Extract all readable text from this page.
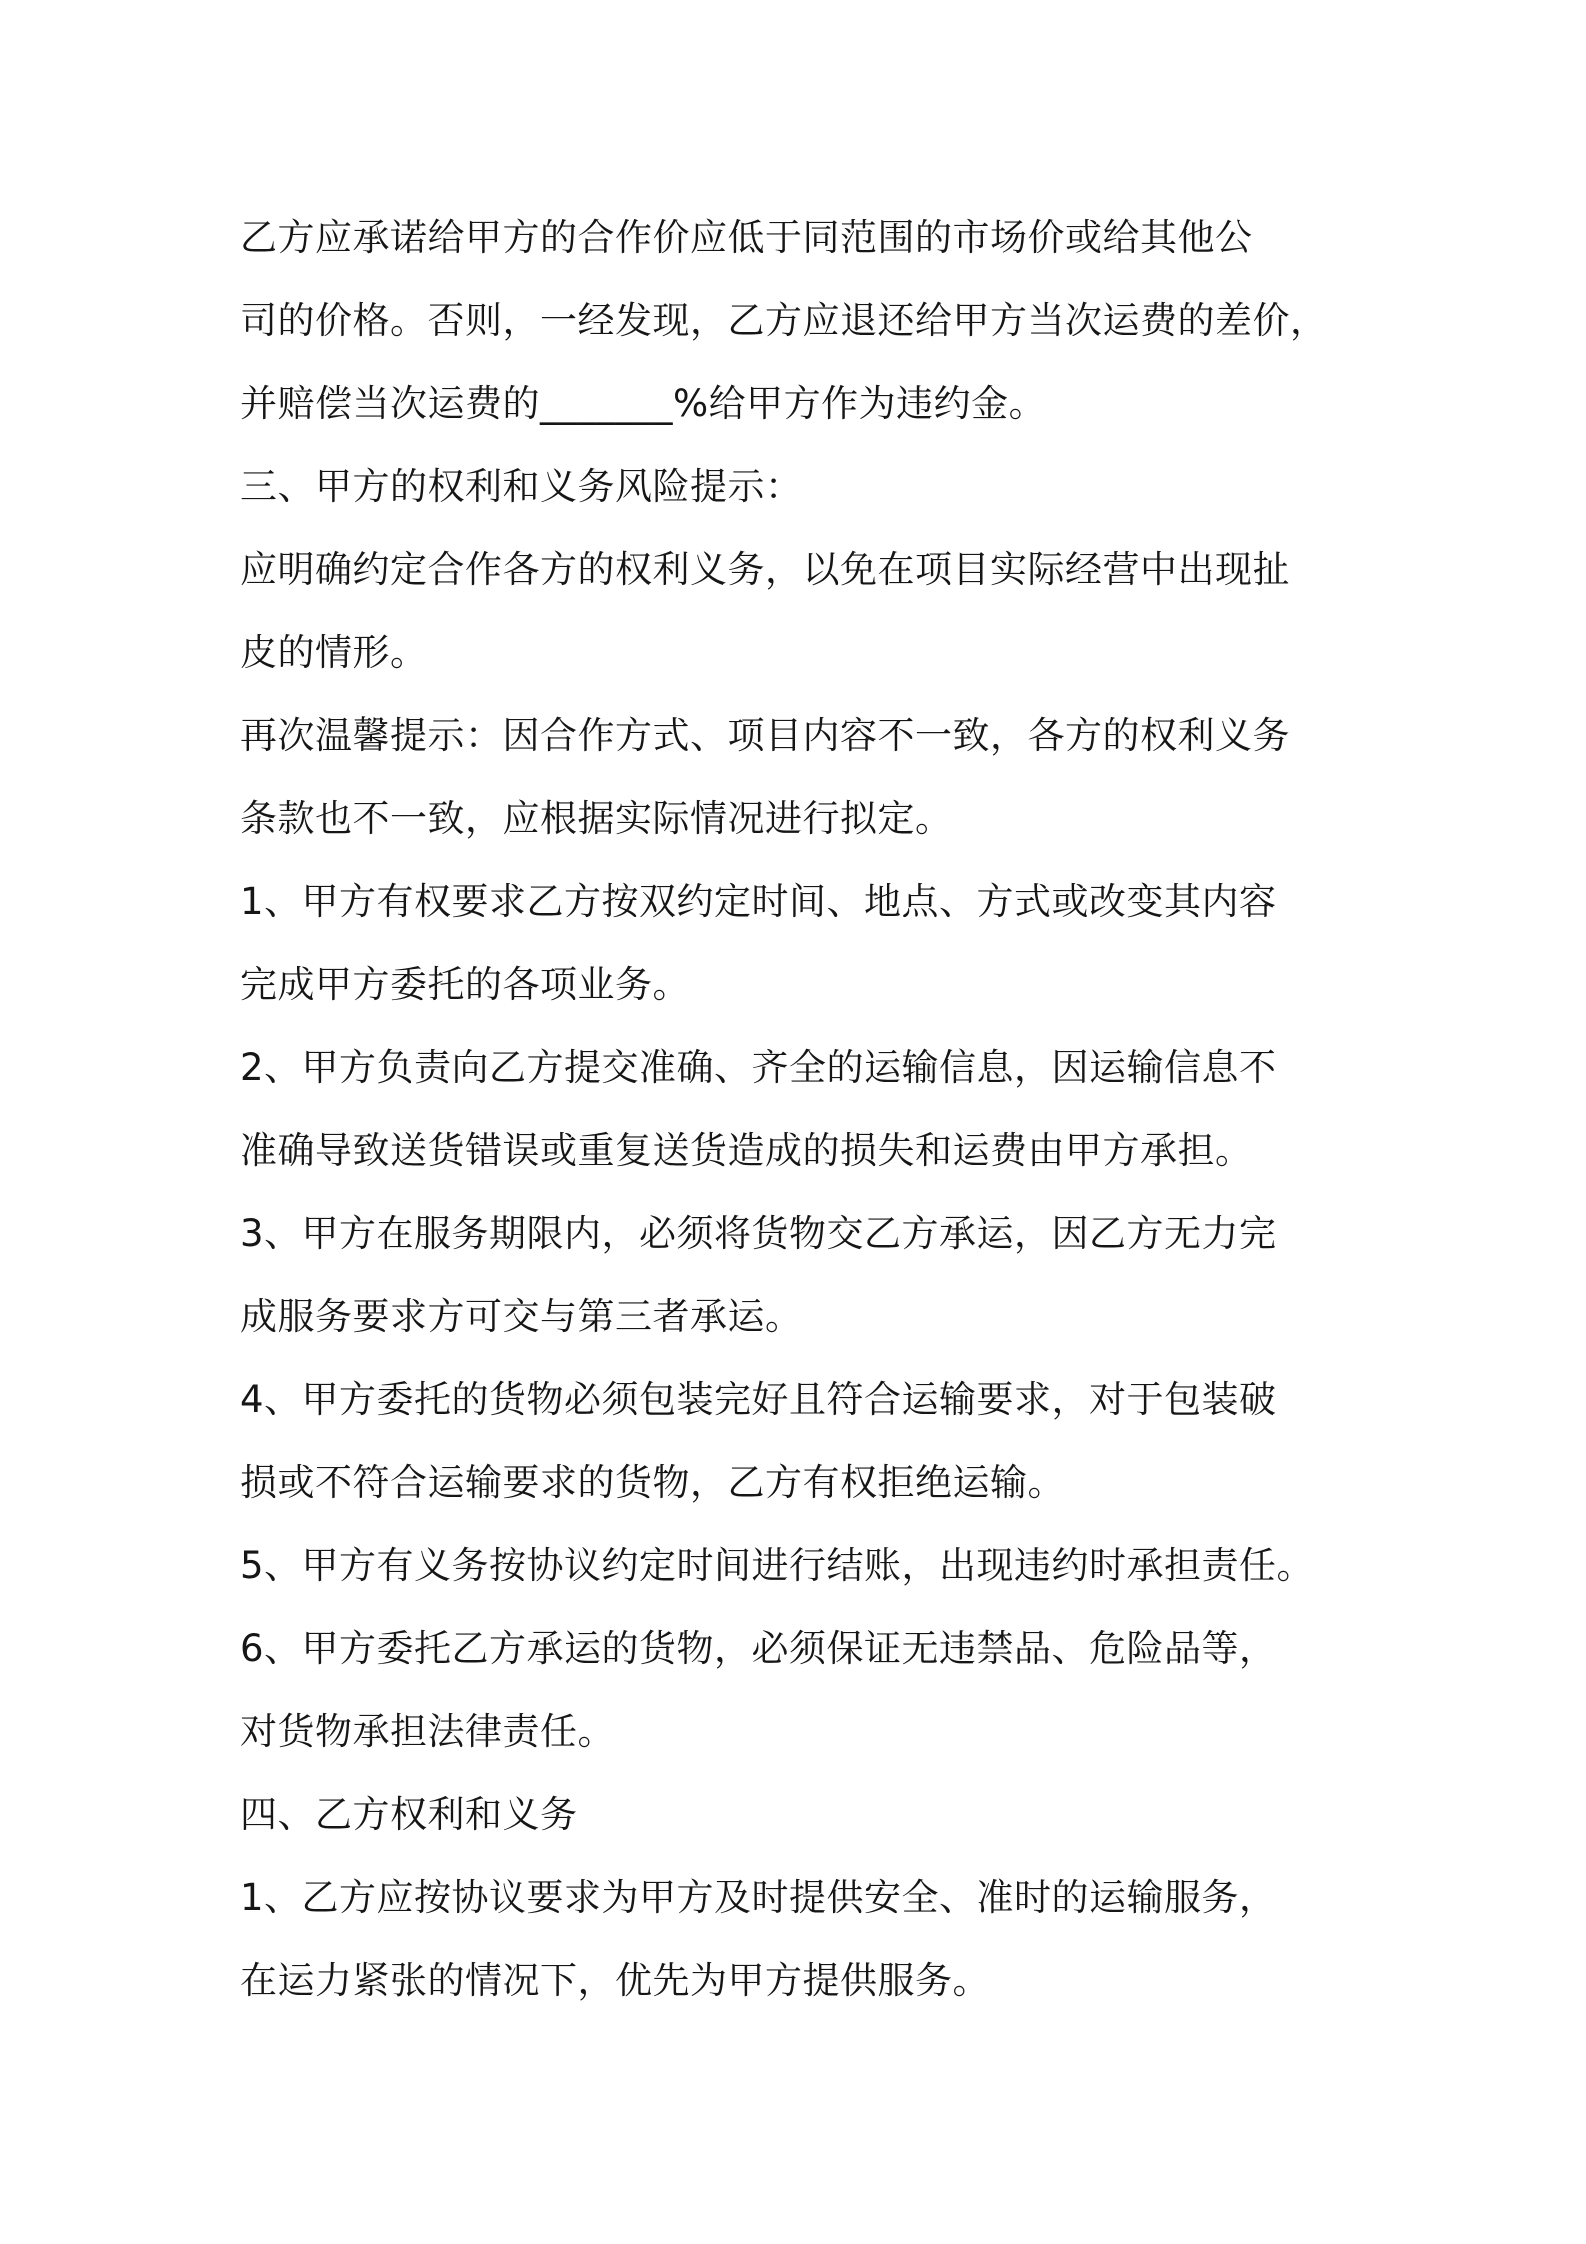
乙方应承诺给甲方的合作价应低于同范围的市场价或给其他公
司的价格。否则，一经发现，乙方应退还给甲方当次运费的差价，
并赔偿当次运费的_______%给甲方作为违约金。
三、甲方的权利和义务风险提示：
应明确约定合作各方的权利义务，以免在项目实际经营中出现扯
皮的情形。
再次温馨提示：因合作方式、项目内容不一致，各方的权利义务
条款也不一致，应根据实际情况进行拟定。
1、甲方有权要求乙方按双约定时间、地点、方式或改变其内容
完成甲方委托的各项业务。
2、甲方负责向乙方提交准确、齐全的运输信息，因运输信息不
准确导致送货错误或重复送货造成的损失和运费由甲方承担。
3、甲方在服务期限内，必须将货物交乙方承运，因乙方无力完
成服务要求方可交与第三者承运。
4、甲方委托的货物必须包装完好且符合运输要求，对于包装破
损或不符合运输要求的货物，乙方有权拒绝运输。
5、甲方有义务按协议约定时间进行结账，出现违约时承担责任。
6、甲方委托乙方承运的货物，必须保证无违禁品、危险品等，
对货物承担法律责任。
四、乙方权利和义务
1、乙方应按协议要求为甲方及时提供安全、准时的运输服务，
在运力紧张的情况下，优先为甲方提供服务。
